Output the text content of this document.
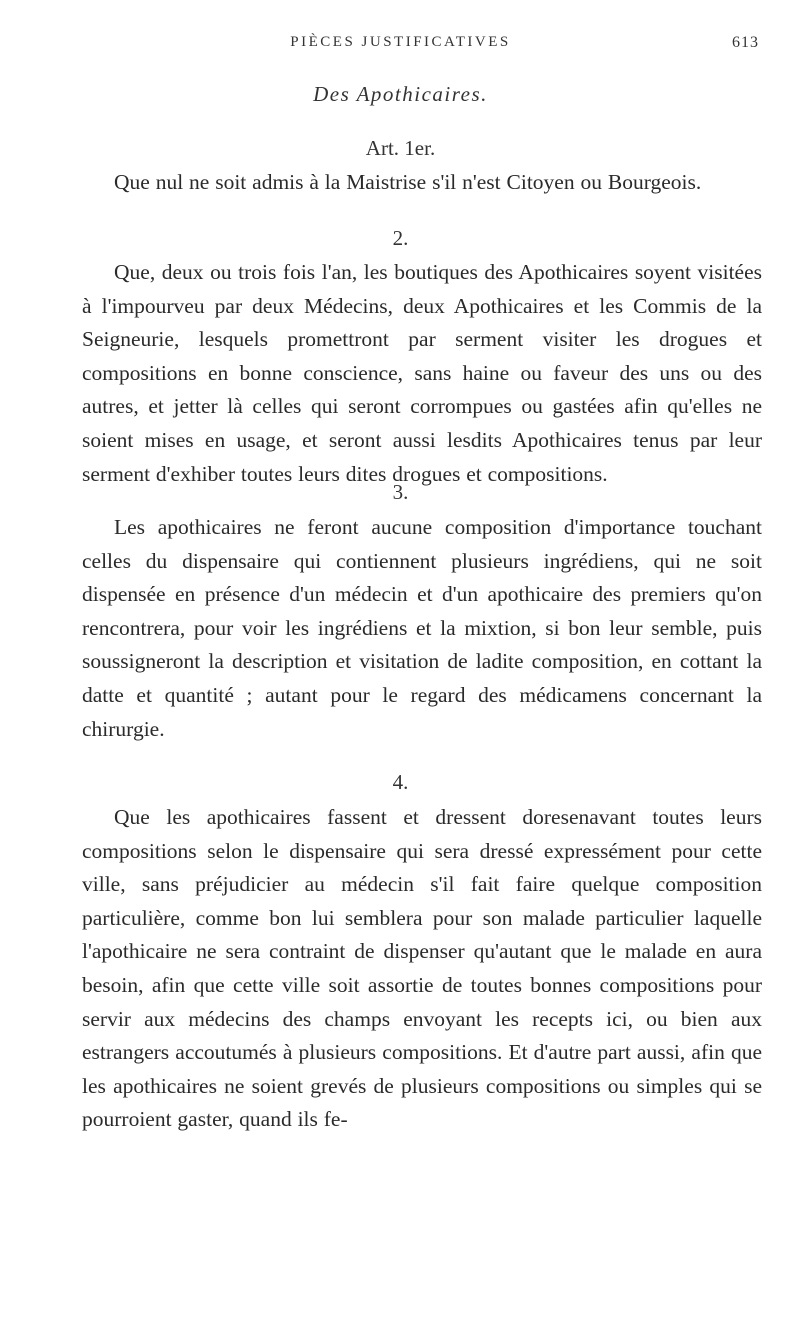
PIÈCES JUSTIFICATIVES	613
Des Apothicaires.
Art. 1er.

Que nul ne soit admis à la Maistrise s'il n'est Citoyen ou Bourgeois.

2.

Que, deux ou trois fois l'an, les boutiques des Apothicaires soyent visitées à l'impourveu par deux Médecins, deux Apothicaires et les Commis de la Seigneurie, lesquels promettront par serment visiter les drogues et compositions en bonne conscience, sans haine ou faveur des uns ou des autres, et jetter là celles qui seront corrompues ou gastées afin qu'elles ne soient mises en usage, et seront aussi lesdits Apothicaires tenus par leur serment d'exhiber toutes leurs dites drogues et compositions.

3.

Les apothicaires ne feront aucune composition d'importance touchant celles du dispensaire qui contiennent plusieurs ingrédiens, qui ne soit dispensée en présence d'un médecin et d'un apothicaire des premiers qu'on rencontrera, pour voir les ingrédiens et la mixtion, si bon leur semble, puis soussigneront la description et visitation de ladite composition, en cottant la datte et quantité ; autant pour le regard des médicamens concernant la chirurgie.

4.

Que les apothicaires fassent et dressent doresenavant toutes leurs compositions selon le dispensaire qui sera dressé expressément pour cette ville, sans préjudicier au médecin s'il fait faire quelque composition particulière, comme bon lui semblera pour son malade particulier laquelle l'apothicaire ne sera contraint de dispenser qu'autant que le malade en aura besoin, afin que cette ville soit assortie de toutes bonnes compositions pour servir aux médecins des champs envoyant les recepts ici, ou bien aux estrangers accoutumés à plusieurs compositions. Et d'autre part aussi, afin que les apothicaires ne soient grevés de plusieurs compositions ou simples qui se pourroient gaster, quand ils fe-
